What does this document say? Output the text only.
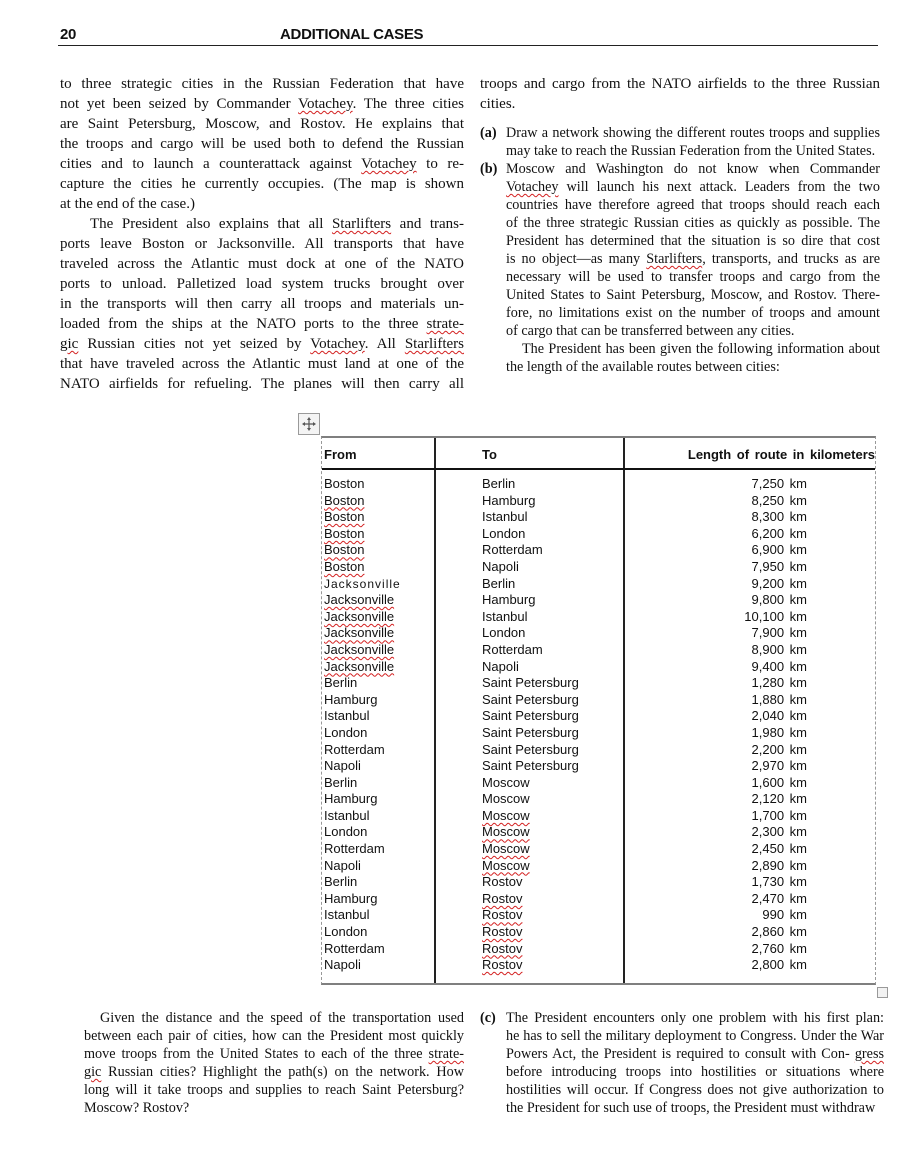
20	ADDITIONAL CASES

to three strategic cities in the Russian Federation that have
not yet been seized by Commander Votachey. The three cities
are Saint Petersburg, Moscow, and Rostov. He explains that
the troops and cargo will be used both to defend the Russian
cities and to launch a counterattack against Votachey to re-
capture the cities he currently occupies. (The map is shown
at the end of the case.)

The President also explains that all Starlifters and trans-
ports leave Boston or Jacksonville. All transports that have
traveled across the Atlantic must dock at one of the NATO
ports to unload. Palletized load system trucks brought over
in the transports will then carry all troops and materials un-
loaded from the ships at the NATO ports to the three strate-
gic Russian cities not yet seized by Votachey. All Starlifters
that have traveled across the Atlantic must land at one of the
NATO airfields for refueling. The planes will then carry all

troops and cargo from the NATO airfields to the three Russian
cities.

(a) Draw a network showing the different routes troops and supplies
may take to reach the Russian Federation from the United States.
(b) Moscow and Washington do not know when Commander
Votachey will launch his next attack. Leaders from the two
countries have therefore agreed that troops should reach each
of the three strategic Russian cities as quickly as possible. The
President has determined that the situation is so dire that cost
is no object—as many Starlifters, transports, and trucks as are
necessary will be used to transfer troops and cargo from the
United States to Saint Petersburg, Moscow, and Rostov. There-
fore, no limitations exist on the number of troops and amount
of cargo that can be transferred between any cities.
The President has been given the following information about
the length of the available routes between cities:
From	To	Length of route in kilometers
Boston	Berlin	7,250 km
Boston	Hamburg	8,250 km
Boston	Istanbul	8,300 km
Boston	London	6,200 km
Boston	Rotterdam	6,900 km
Boston	Napoli	7,950 km
Jacksonville	Berlin	9,200 km
Jacksonville	Hamburg	9,800 km
Jacksonville	Istanbul	10,100 km
Jacksonville	London	7,900 km
Jacksonville	Rotterdam	8,900 km
Jacksonville	Napoli	9,400 km
Berlin	Saint Petersburg	1,280 km
Hamburg	Saint Petersburg	1,880 km
Istanbul	Saint Petersburg	2,040 km
London	Saint Petersburg	1,980 km
Rotterdam	Saint Petersburg	2,200 km
Napoli	Saint Petersburg	2,970 km
Berlin	Moscow	1,600 km
Hamburg	Moscow	2,120 km
Istanbul	Moscow	1,700 km
London	Moscow	2,300 km
Rotterdam	Moscow	2,450 km
Napoli	Moscow	2,890 km
Berlin	Rostov	1,730 km
Hamburg	Rostov	2,470 km
Istanbul	Rostov	990 km
London	Rostov	2,860 km
Rotterdam	Rostov	2,760 km
Napoli	Rostov	2,800 km
Given the distance and the speed of the transportation used
between each pair of cities, how can the President most quickly
move troops from the United States to each of the three strate-
gic Russian cities? Highlight the path(s) on the network. How
long will it take troops and supplies to reach Saint Petersburg?
Moscow? Rostov?
(c) The President encounters only one problem with his first plan:
he has to sell the military deployment to Congress. Under the War
Powers Act, the President is required to consult with Con- gress
before introducing troops into hostilities or situations where
hostilities will occur. If Congress does not give authorization to
the President for such use of troops, the President must withdraw
